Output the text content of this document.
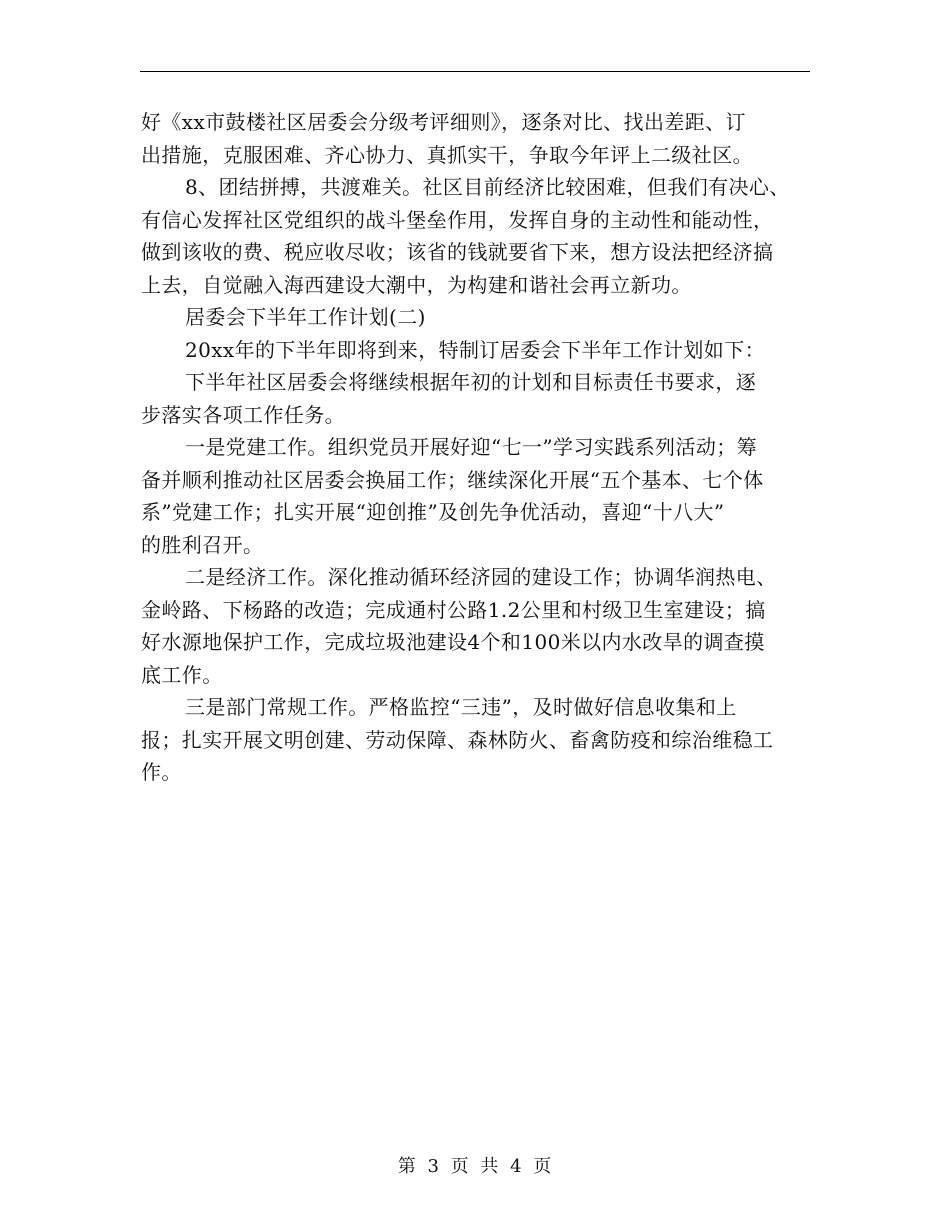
好《xx市鼓楼社区居委会分级考评细则》，逐条对比、找出差距、订
出措施，克服困难、齐心协力、真抓实干，争取今年评上二级社区。
8、团结拼搏，共渡难关。社区目前经济比较困难，但我们有决心、
有信心发挥社区党组织的战斗堡垒作用，发挥自身的主动性和能动性，
做到该收的费、税应收尽收；该省的钱就要省下来，想方设法把经济搞
上去，自觉融入海西建设大潮中，为构建和谐社会再立新功。
居委会下半年工作计划(二)
20xx年的下半年即将到来，特制订居委会下半年工作计划如下：
下半年社区居委会将继续根据年初的计划和目标责任书要求，逐
步落实各项工作任务。
一是党建工作。组织党员开展好迎“七一”学习实践系列活动；筹
备并顺利推动社区居委会换届工作；继续深化开展“五个基本、七个体
系”党建工作；扎实开展“迎创推”及创先争优活动，喜迎“十八大”
的胜利召开。
二是经济工作。深化推动循环经济园的建设工作；协调华润热电、
金岭路、下杨路的改造；完成通村公路1.2公里和村级卫生室建设；搞
好水源地保护工作，完成垃圾池建设4个和100米以内水改旱的调查摸
底工作。
三是部门常规工作。严格监控“三违”，及时做好信息收集和上
报；扎实开展文明创建、劳动保障、森林防火、畜禽防疫和综治维稳工
作。
第 3 页 共 4 页
